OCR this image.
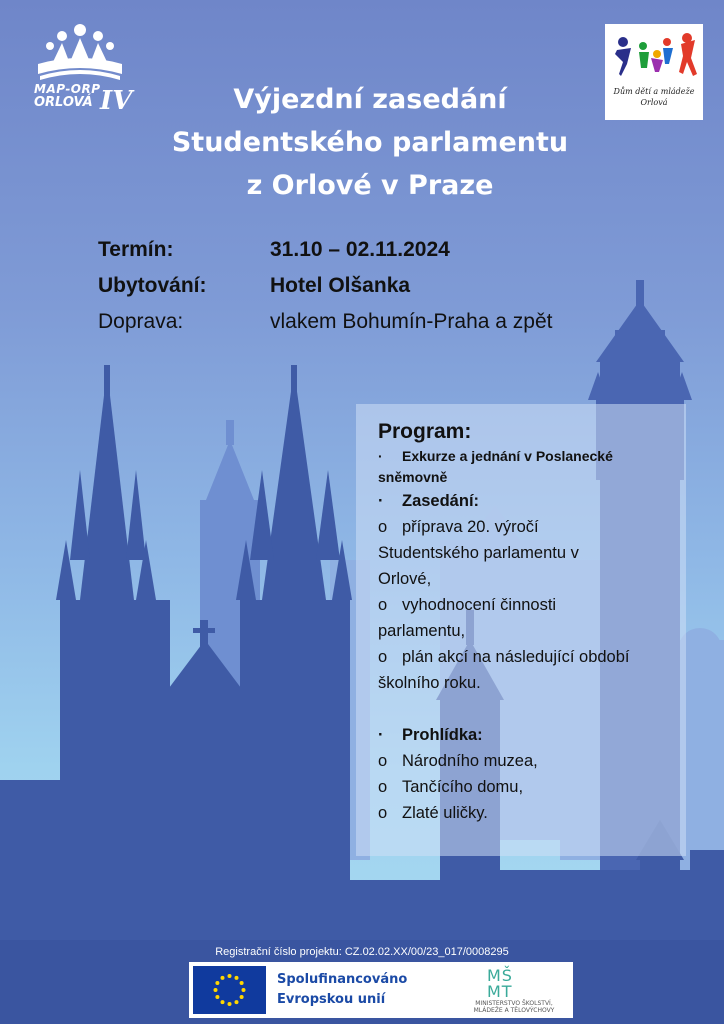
MAP-ORP
ORLOVÁ IV	Dům dětí a mládeže
Orlová
Výjezdní zasedání
Studentského parlamentu
z Orlové v Praze
Termín:	31.10 – 02.11.2024
Ubytování:	Hotel Olšanka
Doprava:	vlakem Bohumín-Praha a zpět
Program:
· Exkurze a jednání v Poslanecké
sněmovně
· Zasedání:
o příprava 20. výročí
Studentského parlamentu v
Orlové,
o vyhodnocení činnosti
parlamentu,
o plán akcí na následující období
školního roku.
· Prohlídka:
o Národního muzea,
o Tančícího domu,
o Zlaté uličky.
Registrační číslo projektu: CZ.02.02.XX/00/23_017/0008295
Spolufinancováno
Evropskou unií
MŠ
MT
MINISTERSTVO ŠKOLSTVÍ,
MLÁDEŽE A TĚLOVÝCHOVY
